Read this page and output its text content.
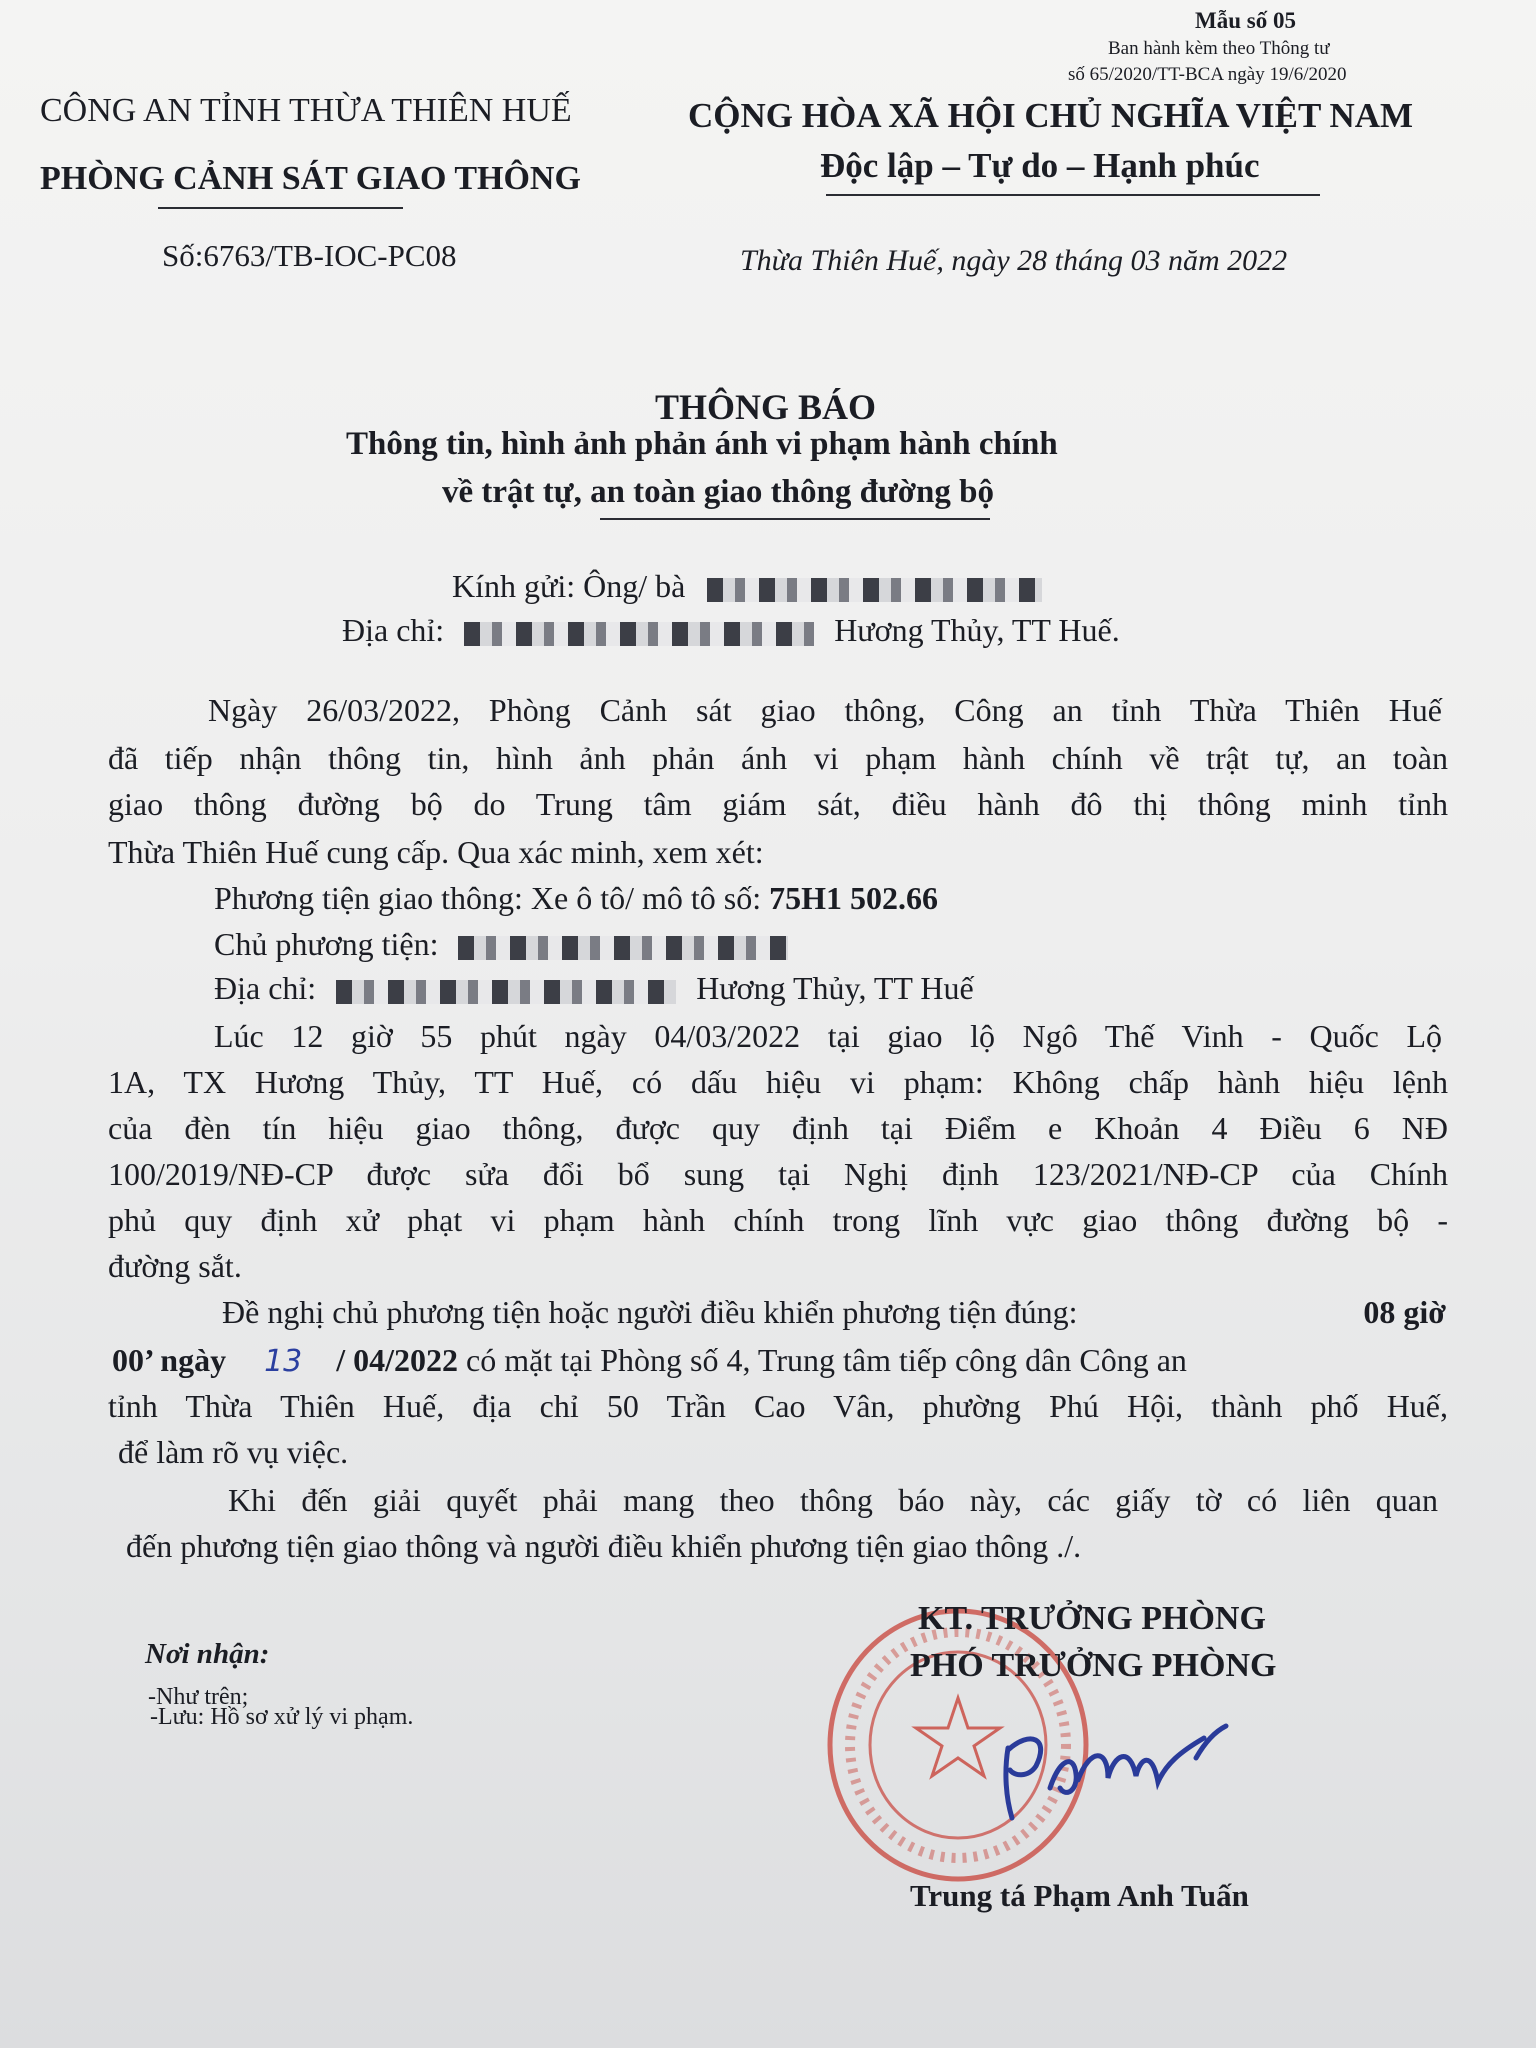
Mẫu số 05
Ban hành kèm theo Thông tư
số 65/2020/TT-BCA ngày 19/6/2020
CÔNG AN TỈNH THỪA THIÊN HUẾ
PHÒNG CẢNH SÁT GIAO THÔNG
Số:6763/TB-IOC-PC08
CỘNG HÒA XÃ HỘI CHỦ NGHĨA VIỆT NAM
Độc lập – Tự do – Hạnh phúc
Thừa Thiên Huế, ngày 28 tháng 03 năm 2022
THÔNG BÁO
Thông tin, hình ảnh phản ánh vi phạm hành chính
về trật tự, an toàn giao thông đường bộ
Kính gửi: Ông/ bà
Địa chỉ:	Hương Thủy, TT Huế.
Ngày 26/03/2022, Phòng Cảnh sát giao thông, Công an tỉnh Thừa Thiên Huế
đã tiếp nhận thông tin, hình ảnh phản ánh vi phạm hành chính về trật tự, an toàn
giao thông đường bộ do Trung tâm giám sát, điều hành đô thị thông minh tỉnh
Thừa Thiên Huế cung cấp. Qua xác minh, xem xét:
Phương tiện giao thông: Xe ô tô/ mô tô số: 75H1 502.66
Chủ phương tiện:
Địa chỉ:	Hương Thủy, TT Huế
Lúc 12 giờ 55 phút ngày 04/03/2022 tại giao lộ Ngô Thế Vinh - Quốc Lộ
1A, TX Hương Thủy, TT Huế, có dấu hiệu vi phạm: Không chấp hành hiệu lệnh
của đèn tín hiệu giao thông, được quy định tại Điểm e Khoản 4 Điều 6 NĐ
100/2019/NĐ-CP được sửa đổi bổ sung tại Nghị định 123/2021/NĐ-CP của Chính
phủ quy định xử phạt vi phạm hành chính trong lĩnh vực giao thông đường bộ -
đường sắt.
Đề nghị chủ phương tiện hoặc người điều khiển phương tiện đúng:	08 giờ
00’ ngày 13 / 04/2022 có mặt tại Phòng số 4, Trung tâm tiếp công dân Công an
tỉnh Thừa Thiên Huế, địa chỉ 50 Trần Cao Vân, phường Phú Hội, thành phố Huế,
để làm rõ vụ việc.
Khi đến giải quyết phải mang theo thông báo này, các giấy tờ có liên quan
đến phương tiện giao thông và người điều khiển phương tiện giao thông ./.
Nơi nhận:
-Như trên;
-Lưu: Hồ sơ xử lý vi phạm.
KT. TRƯỞNG PHÒNG
PHÓ TRƯỞNG PHÒNG
Trung tá Phạm Anh Tuấn
